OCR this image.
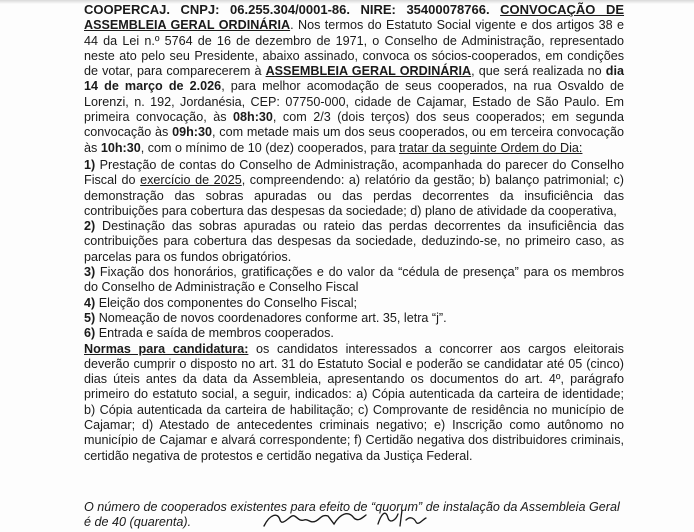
COOPERCAJ. CNPJ: 06.255.304/0001-86. NIRE: 35400078766. CONVOCAÇÃO DE ASSEMBLEIA GERAL ORDINÁRIA. Nos termos do Estatuto Social vigente e dos artigos 38 e 44 da Lei n.º 5764 de 16 de dezembro de 1971, o Conselho de Administração, representado neste ato pelo seu Presidente, abaixo assinado, convoca os sócios-cooperados, em condições de votar, para comparecerem à ASSEMBLEIA GERAL ORDINÁRIA, que será realizada no dia 14 de março de 2.026, para melhor acomodação de seus cooperados, na rua Osvaldo de Lorenzi, n. 192, Jordanésia, CEP: 07750-000, cidade de Cajamar, Estado de São Paulo. Em primeira convocação, às 08h:30, com 2/3 (dois terços) dos seus cooperados; em segunda convocação às 09h:30, com metade mais um dos seus cooperados, ou em terceira convocação às 10h:30, com o mínimo de 10 (dez) cooperados, para tratar da seguinte Ordem do Dia:

1) Prestação de contas do Conselho de Administração, acompanhada do parecer do Conselho Fiscal do exercício de 2025, compreendendo: a) relatório da gestão; b) balanço patrimonial; c) demonstração das sobras apuradas ou das perdas decorrentes da insuficiência das contribuições para cobertura das despesas da sociedade; d) plano de atividade da cooperativa,

2) Destinação das sobras apuradas ou rateio das perdas decorrentes da insuficiência das contribuições para cobertura das despesas da sociedade, deduzindo-se, no primeiro caso, as parcelas para os fundos obrigatórios.

3) Fixação dos honorários, gratificações e do valor da “cédula de presença” para os membros do Conselho de Administração e Conselho Fiscal

4) Eleição dos componentes do Conselho Fiscal;

5) Nomeação de novos coordenadores conforme art. 35, letra “j”.

6) Entrada e saída de membros cooperados.

Normas para candidatura: os candidatos interessados a concorrer aos cargos eleitorais deverão cumprir o disposto no art. 31 do Estatuto Social e poderão se candidatar até 05 (cinco) dias úteis antes da data da Assembleia, apresentando os documentos do art. 4º, parágrafo primeiro do estatuto social, a seguir, indicados: a) Cópia autenticada da carteira de identidade; b) Cópia autenticada da carteira de habilitação; c) Comprovante de residência no município de Cajamar; d) Atestado de antecedentes criminais negativo; e) Inscrição como autônomo no município de Cajamar e alvará correspondente; f) Certidão negativa dos distribuidores criminais, certidão negativa de protestos e certidão negativa da Justiça Federal.

O número de cooperados existentes para efeito de “quorum” de instalação da Assembleia Geral é de 40 (quarenta).
